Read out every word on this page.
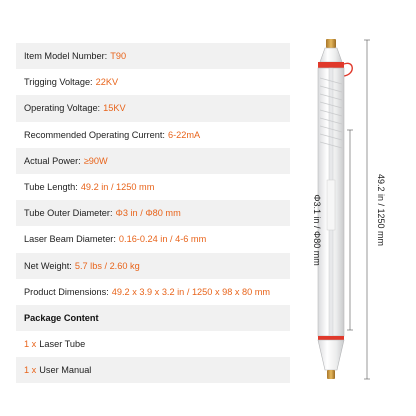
Item Model Number: T90
Trigging Voltage: 22KV
Operating Voltage: 15KV
Recommended Operating Current: 6-22mA
Actual Power: ≥90W
Tube Length: 49.2 in / 1250 mm
Tube Outer Diameter: Φ3 in / Φ80 mm
Laser Beam Diameter: 0.16-0.24 in / 4-6 mm
Net Weight: 5.7 lbs / 2.60 kg
Product Dimensions: 49.2 x 3.9 x 3.2 in / 1250 x 98 x 80 mm
Package Content
1 x Laser Tube
1 x User Manual
Φ3.1 in / Φ80 mm	49.2 in / 1250 mm
